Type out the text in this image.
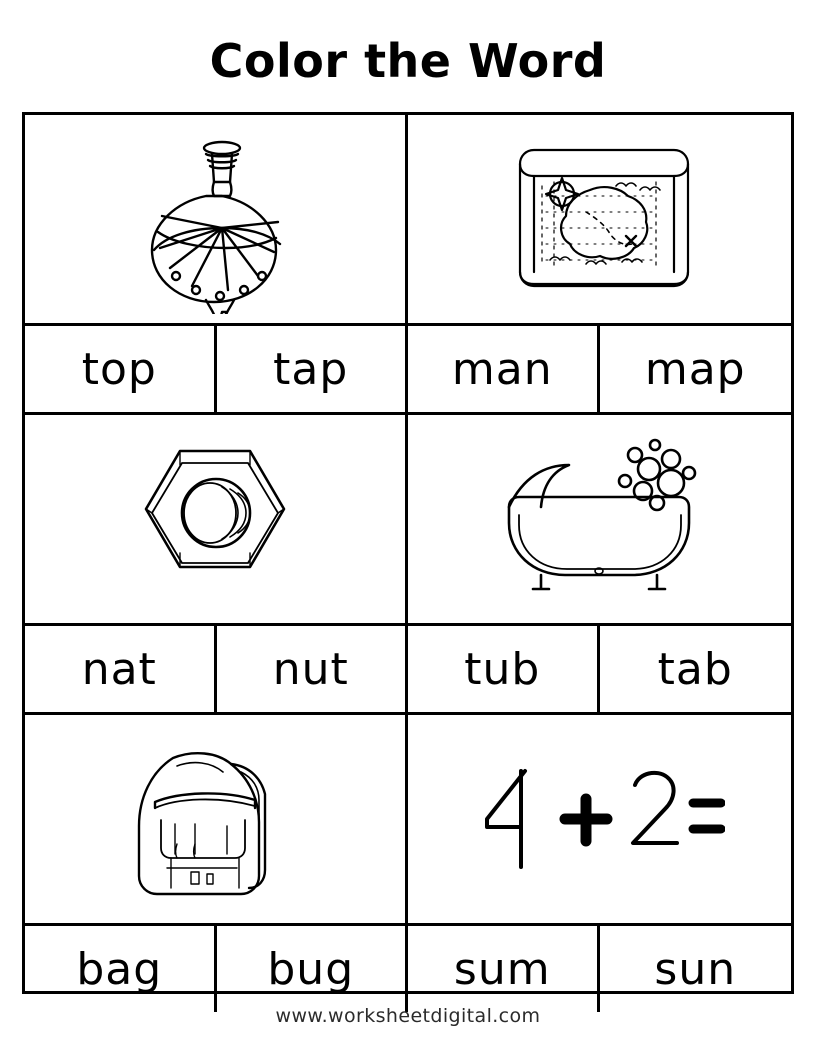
Color the Word
top	tap	man	map
nat	nut	tub	tab
bag	bug	sum	sun
www.worksheetdigital.com
